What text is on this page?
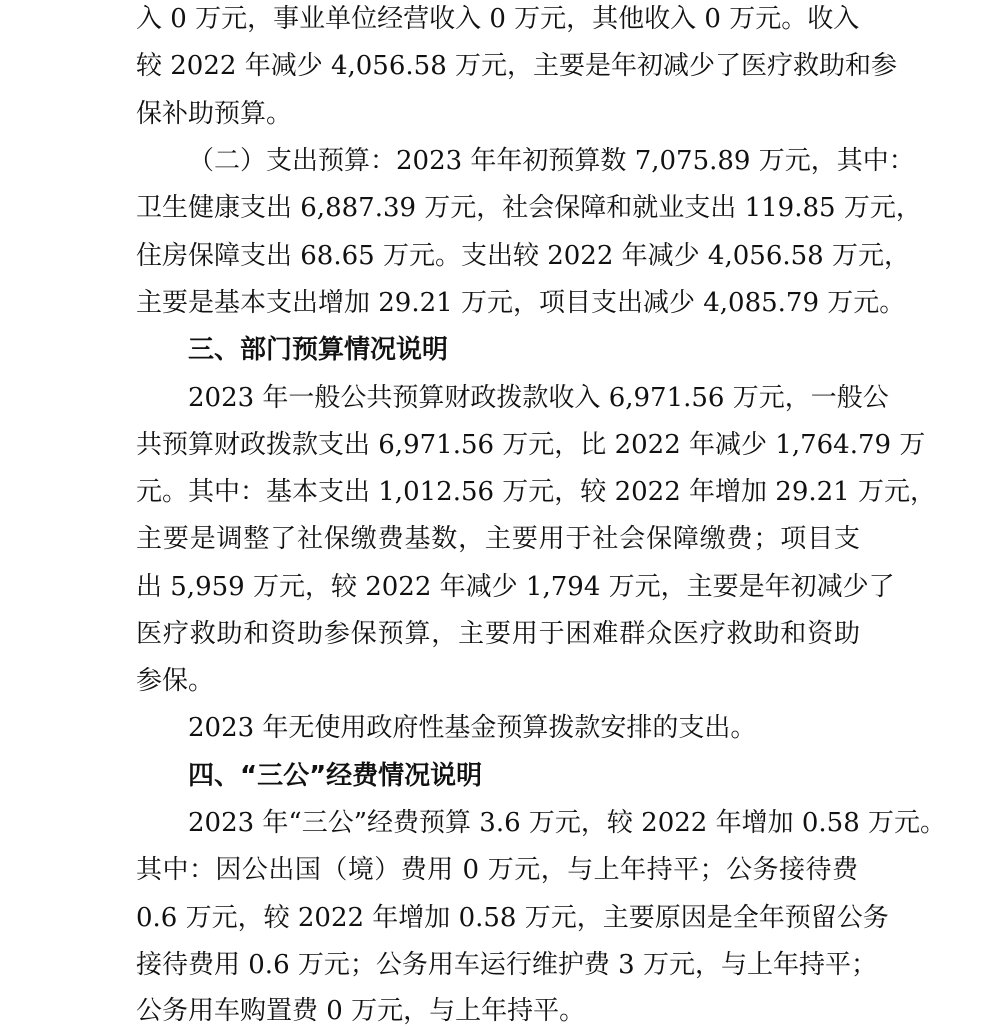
入 0 万元，事业单位经营收入 0 万元，其他收入 0 万元。收入

较 2022 年减少 4,056.58 万元，主要是年初减少了医疗救助和参

保补助预算。

（二）支出预算：2023 年年初预算数 7,075.89 万元，其中：

卫生健康支出 6,887.39 万元，社会保障和就业支出 119.85 万元，

住房保障支出 68.65 万元。支出较 2022 年减少 4,056.58 万元，

主要是基本支出增加 29.21 万元，项目支出减少 4,085.79 万元。

三、部门预算情况说明

2023 年一般公共预算财政拨款收入 6,971.56 万元，一般公

共预算财政拨款支出 6,971.56 万元，比 2022 年减少 1,764.79 万

元。其中：基本支出 1,012.56 万元，较 2022 年增加 29.21 万元，

主要是调整了社保缴费基数，主要用于社会保障缴费；项目支

出 5,959 万元，较 2022 年减少 1,794 万元，主要是年初减少了

医疗救助和资助参保预算，主要用于困难群众医疗救助和资助

参保。

2023 年无使用政府性基金预算拨款安排的支出。

四、“三公”经费情况说明

2023 年“三公”经费预算 3.6 万元，较 2022 年增加 0.58 万元。

其中：因公出国（境）费用 0 万元，与上年持平；公务接待费

0.6 万元，较 2022 年增加 0.58 万元，主要原因是全年预留公务

接待费用 0.6 万元；公务用车运行维护费 3 万元，与上年持平；

公务用车购置费 0 万元，与上年持平。
